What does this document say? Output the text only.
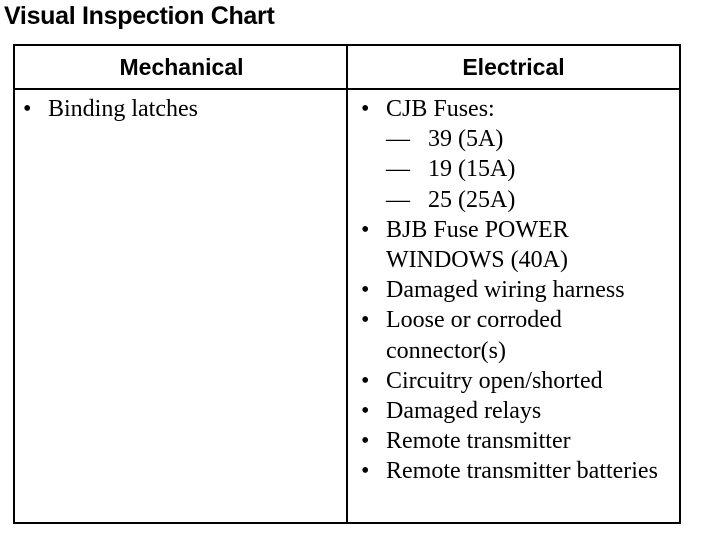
Visual Inspection Chart
Mechanical	Electrical
• Binding latches	• CJB Fuses:
— 39 (5A)
— 19 (15A)
— 25 (25A)
• BJB Fuse POWER WINDOWS (40A)
• Damaged wiring harness
• Loose or corroded connector(s)
• Circuitry open/shorted
• Damaged relays
• Remote transmitter
• Remote transmitter batteries
